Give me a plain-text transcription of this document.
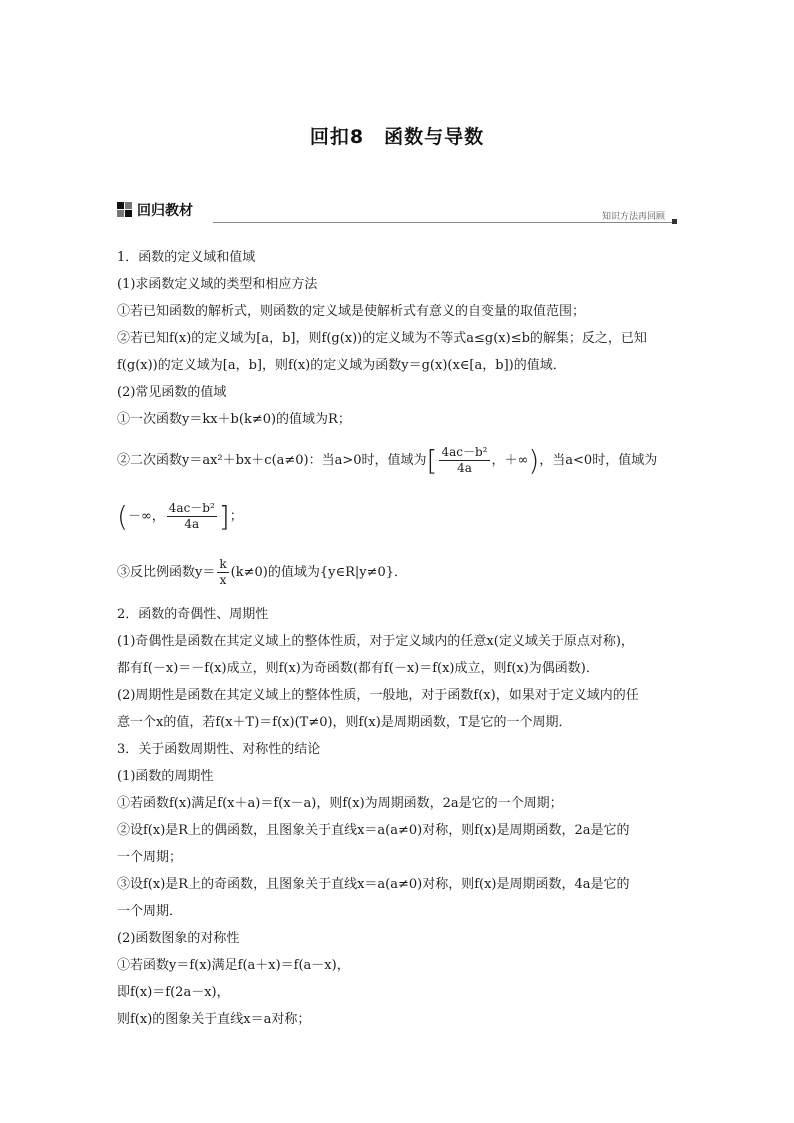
回扣8　函数与导数
回归教材	知识方法再回顾
1．函数的定义域和值域
(1)求函数定义域的类型和相应方法
①若已知函数的解析式，则函数的定义域是使解析式有意义的自变量的取值范围；
②若已知f(x)的定义域为[a，b]，则f(g(x))的定义域为不等式a≤g(x)≤b的解集；反之，已知
f(g(x))的定义域为[a，b]，则f(x)的定义域为函数y＝g(x)(x∈[a，b])的值域．
(2)常见函数的值域
①一次函数y＝kx＋b(k≠0)的值域为R；
②二次函数y＝ax²＋bx＋c(a≠0)：当a>0时，值域为[ $\frac{\text{4ac－b²}}{4a}$ ，＋∞)，当a<0时，值域为
(－∞， $\frac{\text{4ac－b²}}{4a}$ ]；
③反比例函数$y= \frac{k}{x} (k\ne 0)$的值域为{y∈R|y≠0}．
2．函数的奇偶性、周期性
(1)奇偶性是函数在其定义域上的整体性质，对于定义域内的任意x(定义域关于原点对称)，
都有f(－x)＝－f(x)成立，则f(x)为奇函数(都有f(－x)＝f(x)成立，则f(x)为偶函数)．
(2)周期性是函数在其定义域上的整体性质，一般地，对于函数f(x)，如果对于定义域内的任
意一个x的值，若f(x＋T)＝f(x)(T≠0)，则f(x)是周期函数，T是它的一个周期．
3．关于函数周期性、对称性的结论
(1)函数的周期性
①若函数f(x)满足f(x＋a)＝f(x－a)，则f(x)为周期函数，2a是它的一个周期；
②设f(x)是R上的偶函数，且图象关于直线x＝a(a≠0)对称，则f(x)是周期函数，2a是它的
一个周期；
③设f(x)是R上的奇函数，且图象关于直线x＝a(a≠0)对称，则f(x)是周期函数，4a是它的
一个周期．
(2)函数图象的对称性
①若函数y＝f(x)满足f(a＋x)＝f(a－x)，
即f(x)＝f(2a－x)，
则f(x)的图象关于直线x＝a对称；
